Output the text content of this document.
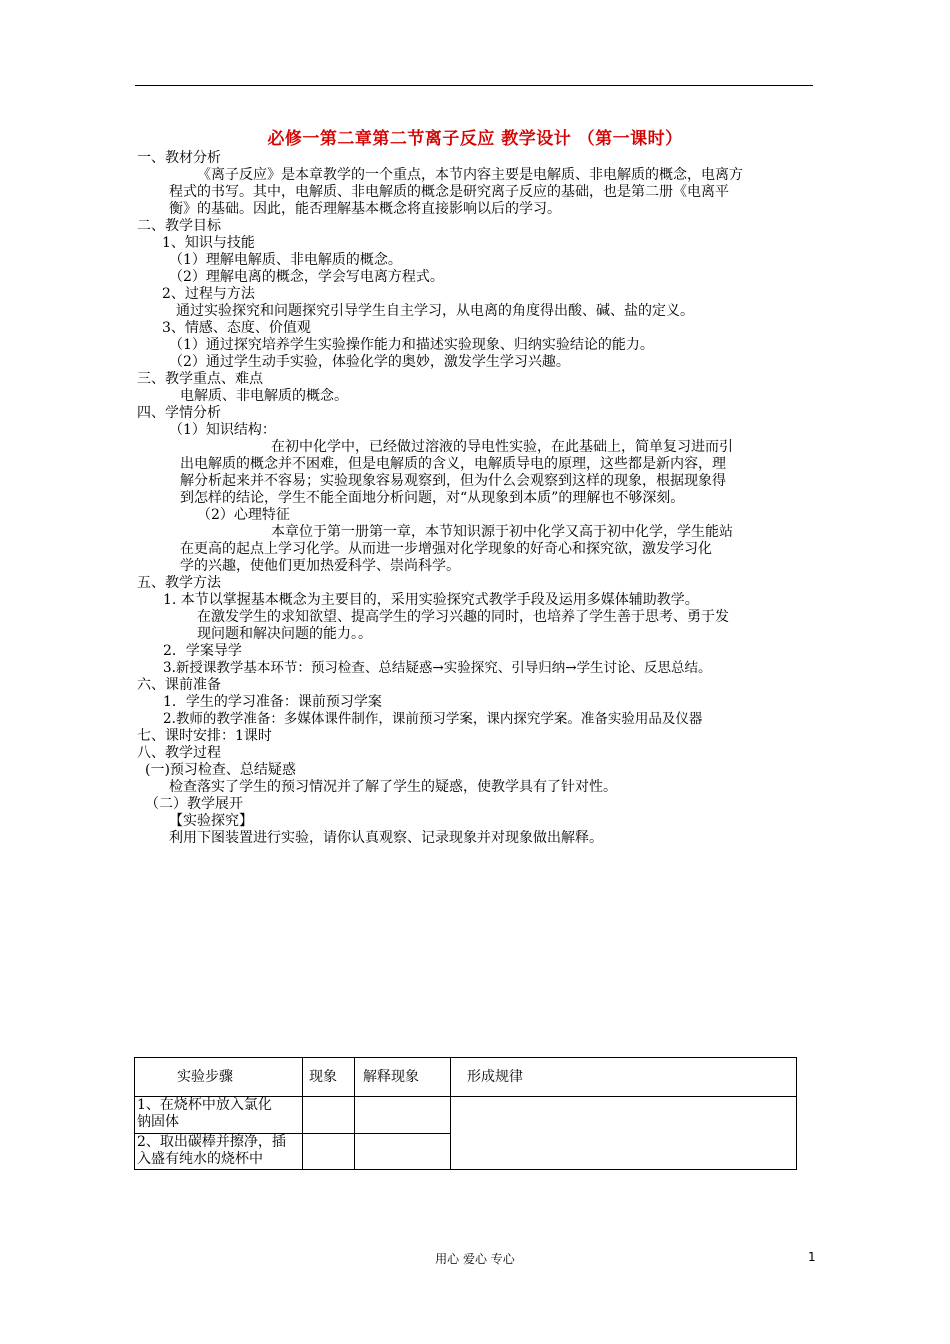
必修一第二章第二节离子反应 教学设计 （第一课时）
一、教材分析
《离子反应》是本章教学的一个重点，本节内容主要是电解质、非电解质的概念，电离方
程式的书写。其中，电解质、非电解质的概念是研究离子反应的基础，也是第二册《电离平
衡》的基础。因此，能否理解基本概念将直接影响以后的学习。
二、教学目标
1、知识与技能
（1）理解电解质、非电解质的概念。
（2）理解电离的概念，学会写电离方程式。
2、过程与方法
通过实验探究和问题探究引导学生自主学习，从电离的角度得出酸、碱、盐的定义。
3、情感、态度、价值观
（1）通过探究培养学生实验操作能力和描述实验现象、归纳实验结论的能力。
（2）通过学生动手实验，体验化学的奥妙，激发学生学习兴趣。
三、教学重点、难点
电解质、非电解质的概念。
四、学情分析
（1）知识结构：
在初中化学中，已经做过溶液的导电性实验，在此基础上，简单复习进而引
出电解质的概念并不困难，但是电解质的含义，电解质导电的原理，这些都是新内容，理
解分析起来并不容易；实验现象容易观察到，但为什么会观察到这样的现象，根据现象得
到怎样的结论，学生不能全面地分析问题，对“从现象到本质”的理解也不够深刻。
（2）心理特征
本章位于第一册第一章，本节知识源于初中化学又高于初中化学，学生能站
在更高的起点上学习化学。从而进一步增强对化学现象的好奇心和探究欲，激发学习化
学的兴趣，使他们更加热爱科学、崇尚科学。
五、教学方法
1. 本节以掌握基本概念为主要目的，采用实验探究式教学手段及运用多媒体辅助教学。
在激发学生的求知欲望、提高学生的学习兴趣的同时，也培养了学生善于思考、勇于发
现问题和解决问题的能力。。
2．学案导学
3.新授课教学基本环节：预习检查、总结疑惑→实验探究、引导归纳→学生讨论、反思总结。
六、课前准备
1．学生的学习准备：课前预习学案
2.教师的教学准备：多媒体课件制作，课前预习学案，课内探究学案。准备实验用品及仪器
七、课时安排：1课时
八、教学过程
(一)预习检查、总结疑惑
检查落实了学生的预习情况并了解了学生的疑惑，使教学具有了针对性。
（二）教学展开
【实验探究】
利用下图装置进行实验，请你认真观察、记录现象并对现象做出解释。
实验步骤	现象	解释现象	形成规律

1、在烧杯中放入氯化
钠固体			

2、取出碳棒并擦净，插
入盛有纯水的烧杯中			

用心 爱心 专心	1
